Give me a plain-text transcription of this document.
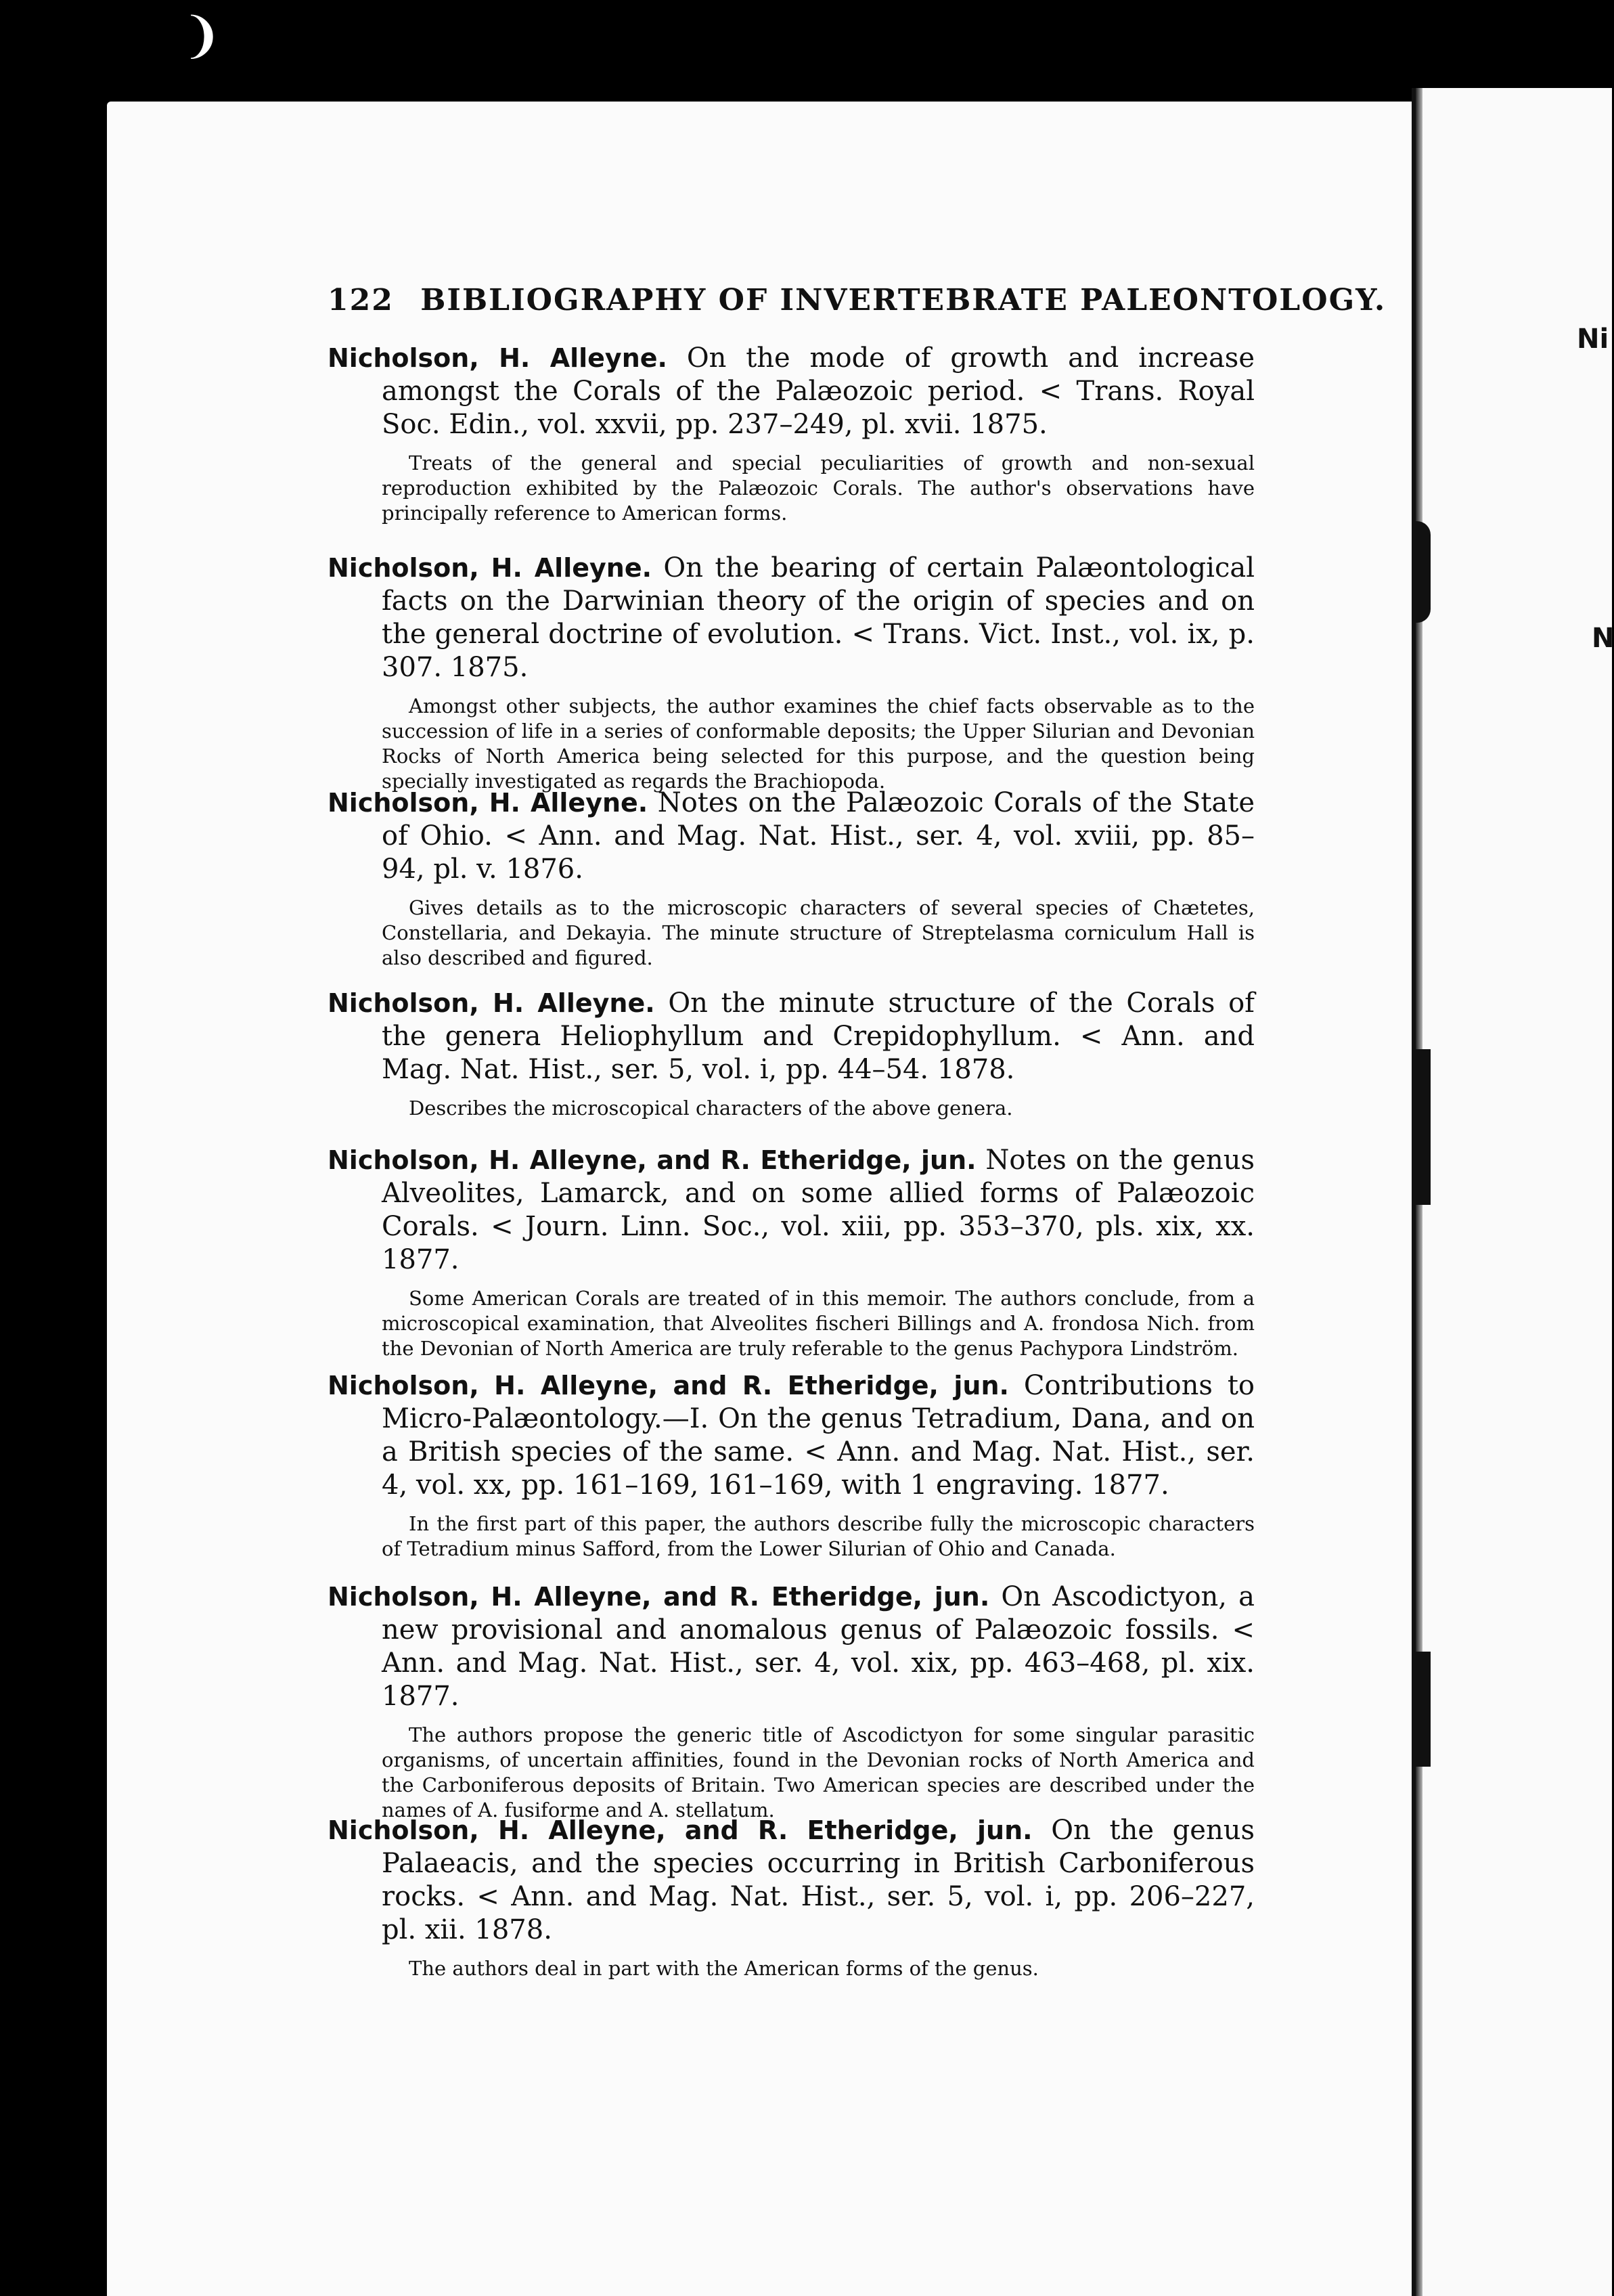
❩
Ni
N
122 BIBLIOGRAPHY OF INVERTEBRATE PALEONTOLOGY.
Nicholson, H. Alleyne. On the mode of growth and increase amongst the Corals of the Palæozoic period. < Trans. Royal Soc. Edin., vol. xxvii, pp. 237–249, pl. xvii. 1875.
Treats of the general and special peculiarities of growth and non-sexual reproduction exhibited by the Palæozoic Corals. The author's observations have principally reference to American forms.
Nicholson, H. Alleyne. On the bearing of certain Palæontological facts on the Darwinian theory of the origin of species and on the general doctrine of evolution. < Trans. Vict. Inst., vol. ix, p. 307. 1875.
Amongst other subjects, the author examines the chief facts observable as to the succession of life in a series of conformable deposits; the Upper Silurian and Devonian Rocks of North America being selected for this purpose, and the question being specially investigated as regards the Brachiopoda.
Nicholson, H. Alleyne. Notes on the Palæozoic Corals of the State of Ohio. < Ann. and Mag. Nat. Hist., ser. 4, vol. xviii, pp. 85–94, pl. v. 1876.
Gives details as to the microscopic characters of several species of Chætetes, Constellaria, and Dekayia. The minute structure of Streptelasma corniculum Hall is also described and figured.
Nicholson, H. Alleyne. On the minute structure of the Corals of the genera Heliophyllum and Crepidophyllum. < Ann. and Mag. Nat. Hist., ser. 5, vol. i, pp. 44–54. 1878.
Describes the microscopical characters of the above genera.
Nicholson, H. Alleyne, and R. Etheridge, jun. Notes on the genus Alveolites, Lamarck, and on some allied forms of Palæozoic Corals. < Journ. Linn. Soc., vol. xiii, pp. 353–370, pls. xix, xx. 1877.
Some American Corals are treated of in this memoir. The authors conclude, from a microscopical examination, that Alveolites fischeri Billings and A. frondosa Nich. from the Devonian of North America are truly referable to the genus Pachypora Lindström.
Nicholson, H. Alleyne, and R. Etheridge, jun. Contributions to Micro-Palæontology.—I. On the genus Tetradium, Dana, and on a British species of the same. < Ann. and Mag. Nat. Hist., ser. 4, vol. xx, pp. 161–169, 161–169, with 1 engraving. 1877.
In the first part of this paper, the authors describe fully the microscopic characters of Tetradium minus Safford, from the Lower Silurian of Ohio and Canada.
Nicholson, H. Alleyne, and R. Etheridge, jun. On Ascodictyon, a new provisional and anomalous genus of Palæozoic fossils. < Ann. and Mag. Nat. Hist., ser. 4, vol. xix, pp. 463–468, pl. xix. 1877.
The authors propose the generic title of Ascodictyon for some singular parasitic organisms, of uncertain affinities, found in the Devonian rocks of North America and the Carboniferous deposits of Britain. Two American species are described under the names of A. fusiforme and A. stellatum.
Nicholson, H. Alleyne, and R. Etheridge, jun. On the genus Palaeacis, and the species occurring in British Carboniferous rocks. < Ann. and Mag. Nat. Hist., ser. 5, vol. i, pp. 206–227, pl. xii. 1878.
The authors deal in part with the American forms of the genus.
